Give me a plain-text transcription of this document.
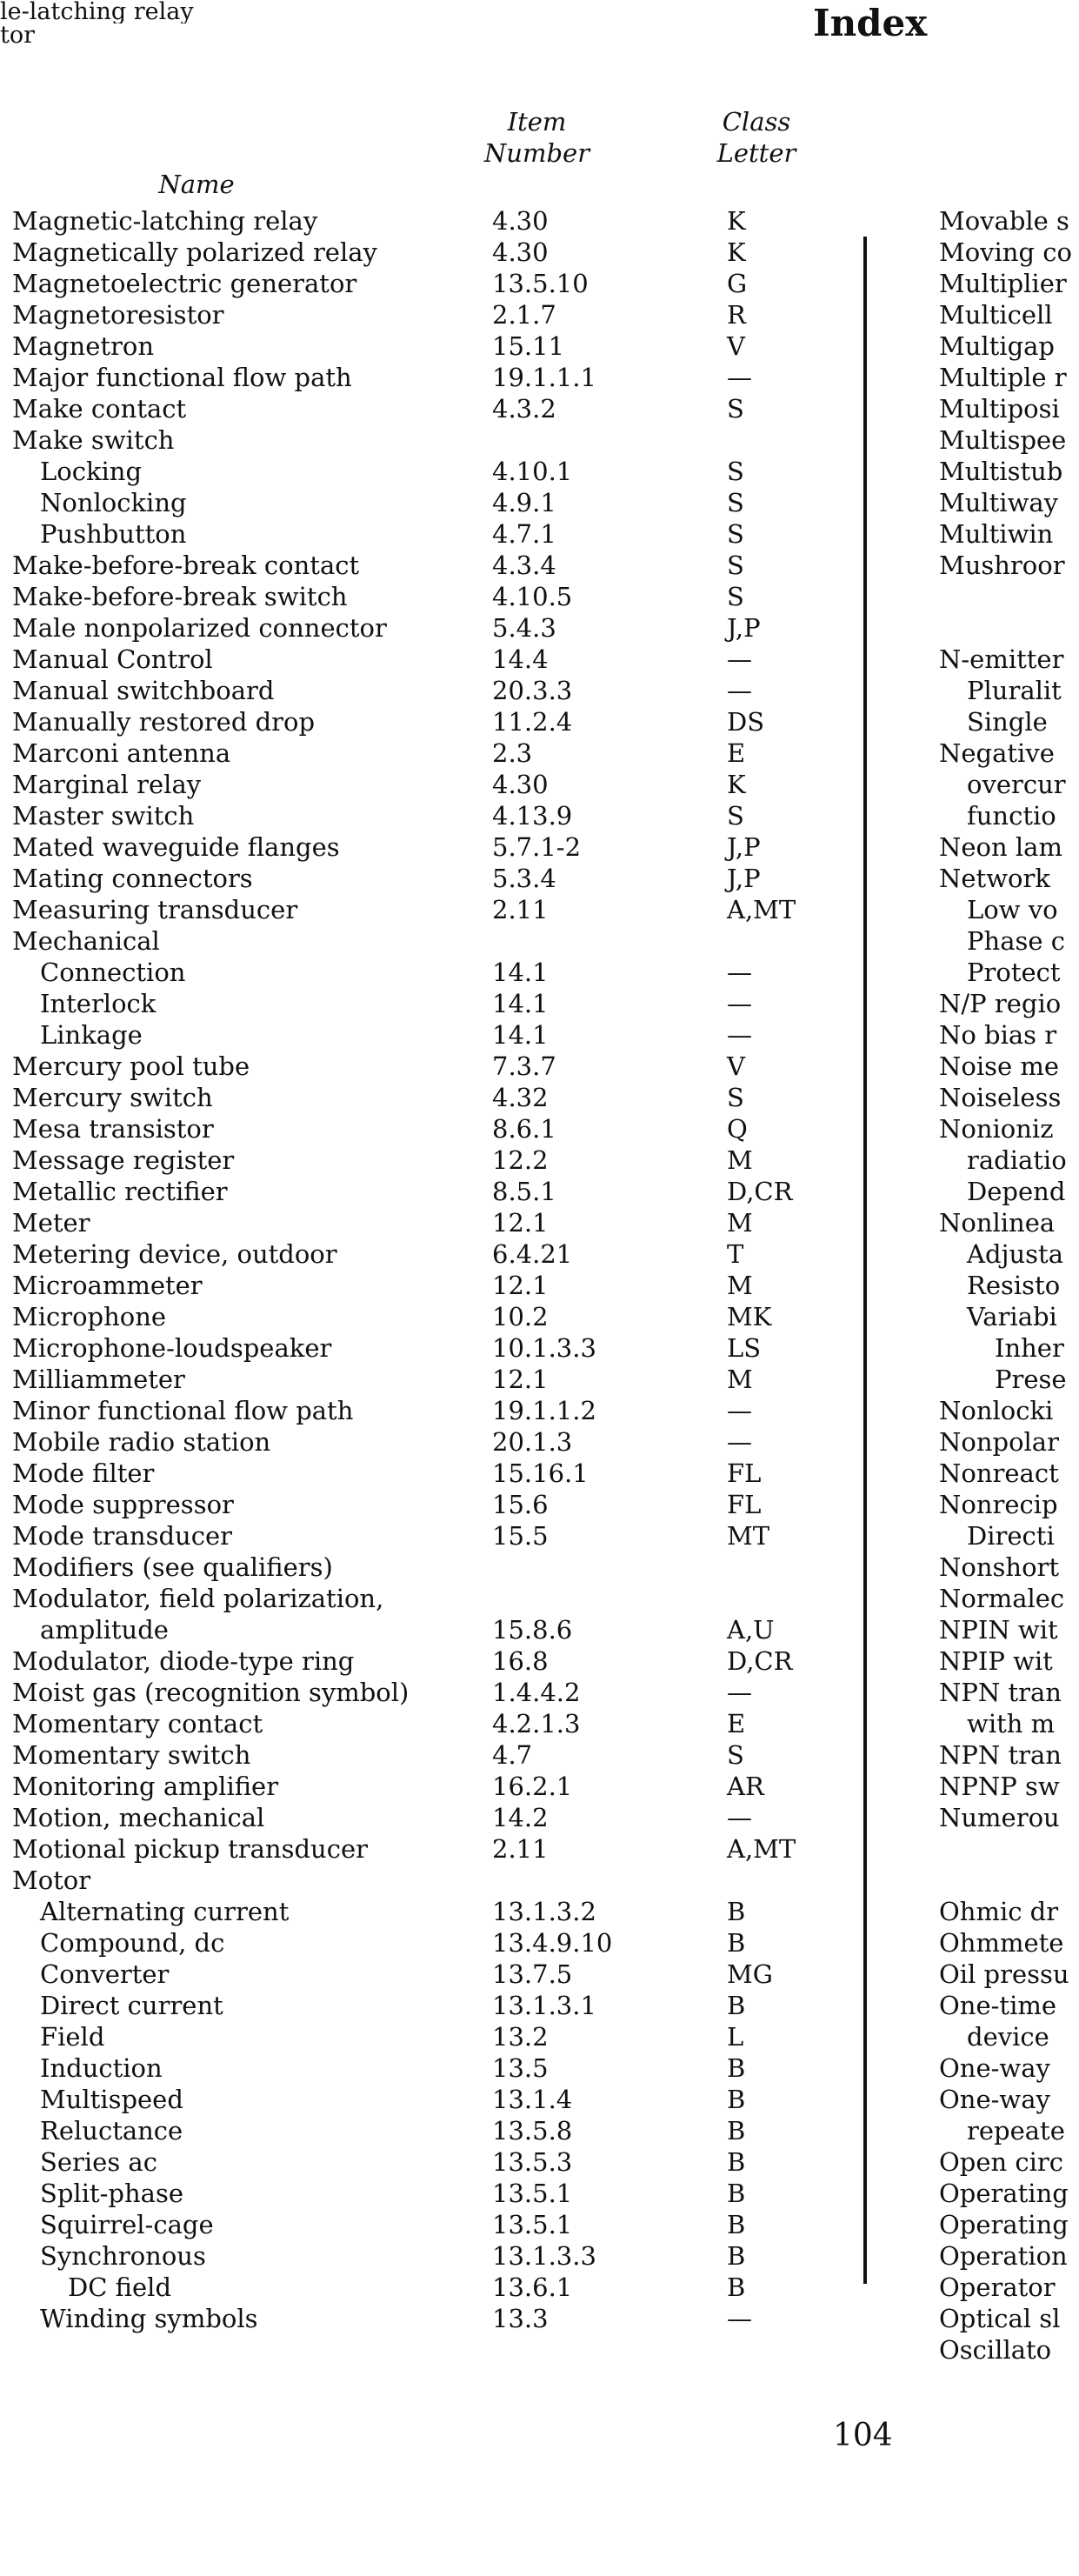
le-latching relay
tor	Index

Name
Item
Number
Class
Letter
Magnetic-latching relay	4.30	K
Magnetically polarized relay	4.30	K
Magnetoelectric generator	13.5.10	G
Magnetoresistor	2.1.7	R
Magnetron	15.11	V
Major functional flow path	19.1.1.1	—
Make contact	4.3.2	S
Make switch
Locking	4.10.1	S
Nonlocking	4.9.1	S
Pushbutton	4.7.1	S
Make-before-break contact	4.3.4	S
Make-before-break switch	4.10.5	S
Male nonpolarized connector	5.4.3	J,P
Manual Control	14.4	—
Manual switchboard	20.3.3	—
Manually restored drop	11.2.4	DS
Marconi antenna	2.3	E
Marginal relay	4.30	K
Master switch	4.13.9	S
Mated waveguide flanges	5.7.1-2	J,P
Mating connectors	5.3.4	J,P
Measuring transducer	2.11	A,MT
Mechanical
Connection	14.1	—
Interlock	14.1	—
Linkage	14.1	—
Mercury pool tube	7.3.7	V
Mercury switch	4.32	S
Mesa transistor	8.6.1	Q
Message register	12.2	M
Metallic rectifier	8.5.1	D,CR
Meter	12.1	M
Metering device, outdoor	6.4.21	T
Microammeter	12.1	M
Microphone	10.2	MK
Microphone-loudspeaker	10.1.3.3	LS
Milliammeter	12.1	M
Minor functional flow path	19.1.1.2	—
Mobile radio station	20.1.3	—
Mode filter	15.16.1	FL
Mode suppressor	15.6	FL
Mode transducer	15.5	MT
Modifiers (see qualifiers)
Modulator, field polarization,
amplitude	15.8.6	A,U
Modulator, diode-type ring	16.8	D,CR
Moist gas (recognition symbol)	1.4.4.2	—
Momentary contact	4.2.1.3	E
Momentary switch	4.7	S
Monitoring amplifier	16.2.1	AR
Motion, mechanical	14.2	—
Motional pickup transducer	2.11	A,MT
Motor
Alternating current	13.1.3.2	B
Compound, dc	13.4.9.10	B
Converter	13.7.5	MG
Direct current	13.1.3.1	B
Field	13.2	L
Induction	13.5	B
Multispeed	13.1.4	B
Reluctance	13.5.8	B
Series ac	13.5.3	B
Split-phase	13.5.1	B
Squirrel-cage	13.5.1	B
Synchronous	13.1.3.3	B
DC field	13.6.1	B
Winding symbols	13.3	—
Movable s
Moving co
Multiplier
Multicell
Multigap
Multiple r
Multiposi
Multispee
Multistub
Multiway
Multiwin
Mushroor
N-emitter
Pluralit
Single
Negative
overcur
functio
Neon lam
Network
Low vo
Phase c
Protect
N/P regio
No bias r
Noise me
Noiseless
Nonioniz
radiatio
Depend
Nonlinea
Adjusta
Resisto
Variabi
Inher
Prese
Nonlocki
Nonpolar
Nonreact
Nonrecip
Directi
Nonshort
Normalec
NPIN wit
NPIP wit
NPN tran
with m
NPN tran
NPNP sw
Numerou
Ohmic dr
Ohmmete
Oil pressu
One-time
device
One-way
One-way
repeate
Open circ
Operating
Operating
Operation
Operator
Optical sl
Oscillato
104
